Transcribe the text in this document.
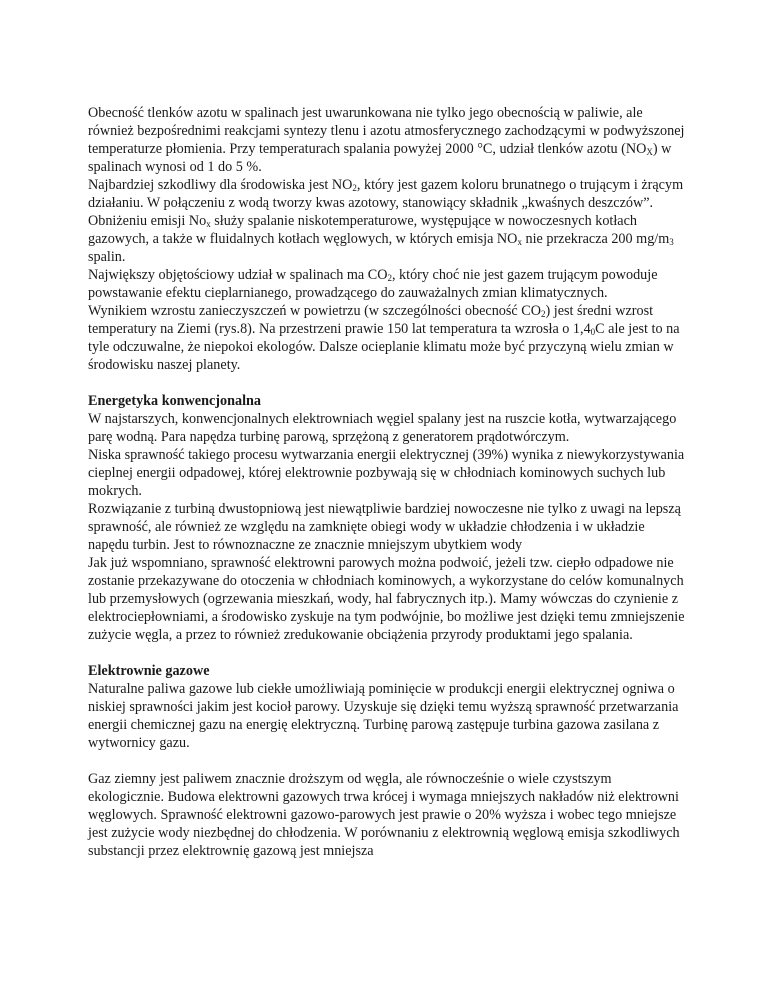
Obecność tlenków azotu w spalinach jest uwarunkowana nie tylko jego obecnością w paliwie, ale również bezpośrednimi reakcjami syntezy tlenu i azotu atmosferycznego zachodzącymi w podwyższonej temperaturze płomienia. Przy temperaturach spalania powyżej 2000 °C, udział tlenków azotu $(NO_X)$ w spalinach wynosi od 1 do 5 %.

Najbardziej szkodliwy dla środowiska jest $NO_2$, który jest gazem koloru brunatnego o trującym i żrącym działaniu. W połączeniu z wodą tworzy kwas azotowy, stanowiący składnik „kwaśnych deszczów”. Obniżeniu emisji $No_x$ służy spalanie niskotemperaturowe, występujące w nowoczesnych kotłach gazowych, a także w fluidalnych kotłach węglowych, w których emisja $NO_x$ nie przekracza 200 $mg/m_3$ spalin.

Największy objętościowy udział w spalinach ma $CO_2$, który choć nie jest gazem trującym powoduje powstawanie efektu cieplarnianego, prowadzącego do zauważalnych zmian klimatycznych.

Wynikiem wzrostu zanieczyszczeń w powietrzu (w szczególności obecność $CO_2$) jest średni wzrost temperatury na Ziemi (rys.8). Na przestrzeni prawie 150 lat temperatura ta wzrosła o $1,4_0C$ ale jest to na tyle odczuwalne, że niepokoi ekologów. Dalsze ocieplanie klimatu może być przyczyną wielu zmian w środowisku naszej planety.

Energetyka konwencjonalna

W najstarszych, konwencjonalnych elektrowniach węgiel spalany jest na ruszcie kotła, wytwarzającego parę wodną. Para napędza turbinę parową, sprzężoną z generatorem prądotwórczym.

Niska sprawność takiego procesu wytwarzania energii elektrycznej (39%) wynika z niewykorzystywania cieplnej energii odpadowej, której elektrownie pozbywają się w chłodniach kominowych suchych lub mokrych.

Rozwiązanie z turbiną dwustopniową jest niewątpliwie bardziej nowoczesne nie tylko z uwagi na lepszą sprawność, ale również ze względu na zamknięte obiegi wody w układzie chłodzenia i w układzie napędu turbin. Jest to równoznaczne ze znacznie mniejszym ubytkiem wody

Jak już wspomniano, sprawność elektrowni parowych można podwoić, jeżeli tzw. ciepło odpadowe nie zostanie przekazywane do otoczenia w chłodniach kominowych, a wykorzystane do celów komunalnych lub przemysłowych (ogrzewania mieszkań, wody, hal fabrycznych itp.). Mamy wówczas do czynienie z elektrociepłowniami, a środowisko zyskuje na tym podwójnie, bo możliwe jest dzięki temu zmniejszenie zużycie węgla, a przez to również zredukowanie obciążenia przyrody produktami jego spalania.

Elektrownie gazowe

Naturalne paliwa gazowe lub ciekłe umożliwiają pominięcie w produkcji energii elektrycznej ogniwa o niskiej sprawności jakim jest kocioł parowy. Uzyskuje się dzięki temu wyższą sprawność przetwarzania energii chemicznej gazu na energię elektryczną. Turbinę parową zastępuje turbina gazowa zasilana z wytwornicy gazu.

Gaz ziemny jest paliwem znacznie droższym od węgla, ale równocześnie o wiele czystszym ekologicznie. Budowa elektrowni gazowych trwa krócej i wymaga mniejszych nakładów niż elektrowni węglowych. Sprawność elektrowni gazowo-parowych jest prawie o 20% wyższa i wobec tego mniejsze jest zużycie wody niezbędnej do chłodzenia. W porównaniu z elektrownią węglową emisja szkodliwych substancji przez elektrownię gazową jest mniejsza
